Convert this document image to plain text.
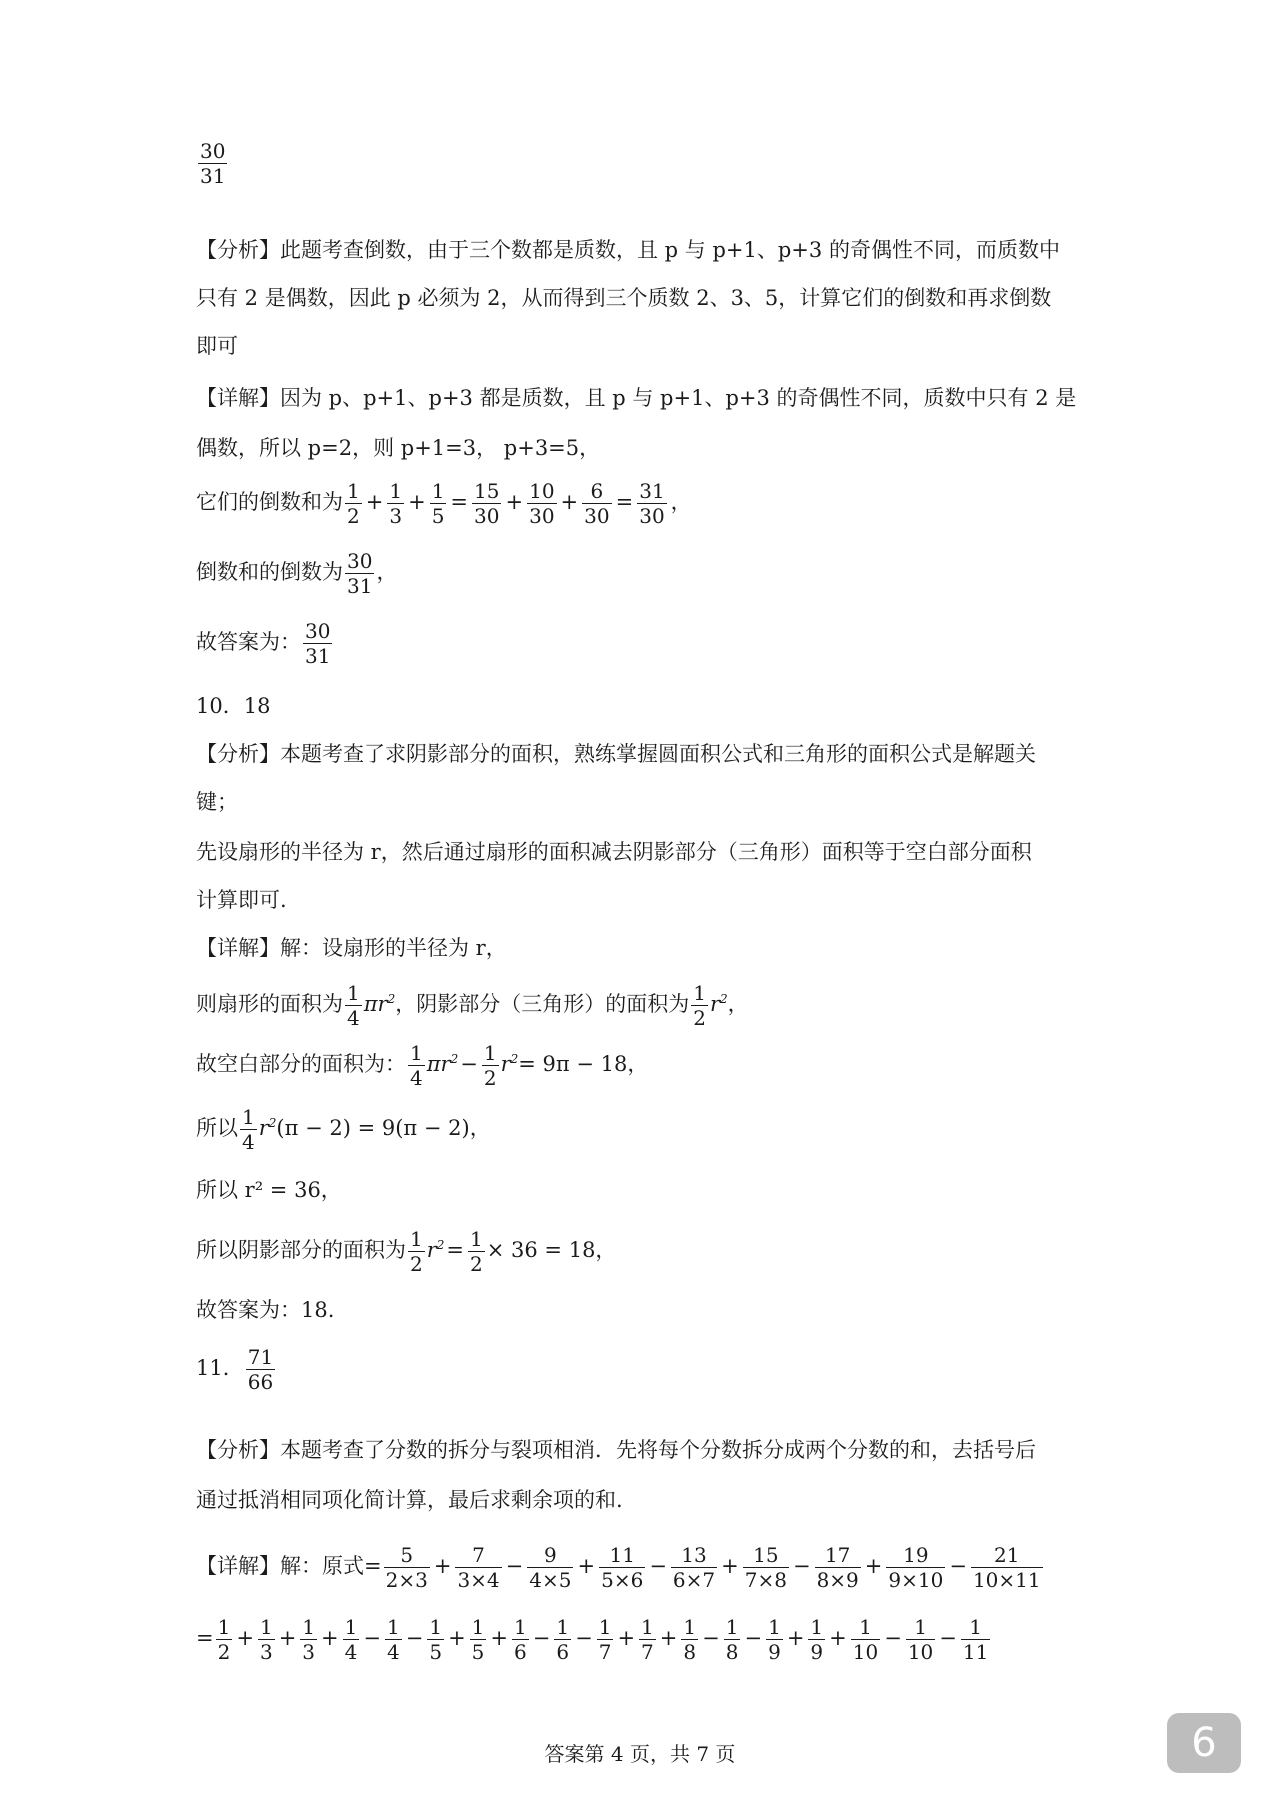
$\frac{30}{31}$
【分析】此题考查倒数，由于三个数都是质数，且 p 与 p+1、p+3 的奇偶性不同，而质数中
只有 2 是偶数，因此 p 必须为 2，从而得到三个质数 2、3、5，计算它们的倒数和再求倒数
即可
【详解】因为 p、p+1、p+3 都是质数，且 p 与 p+1、p+3 的奇偶性不同，质数中只有 2 是
偶数，所以 p=2，则 p+1=3， p+3=5，
它们的倒数和为 $\frac{1}{2} + \frac{1}{3} + \frac{1}{5} = \frac{15}{30} + \frac{10}{30} + \frac{6}{30} = \frac{31}{30}$ ，
倒数和的倒数为 $\frac{30}{31}$ ，
故答案为： $\frac{30}{31}$
10．18
【分析】本题考查了求阴影部分的面积，熟练掌握圆面积公式和三角形的面积公式是解题关
键；
先设扇形的半径为 r，然后通过扇形的面积减去阴影部分（三角形）面积等于空白部分面积
计算即可.
【详解】解：设扇形的半径为 r，
则扇形的面积为 $\frac{1}{4} \pi r^2$，阴影部分（三角形）的面积为 $\frac{1}{2} r^2$，
故空白部分的面积为： $\frac{1}{4} \pi r^2- \frac{1}{2} r^2= 9\pi - 18$，
所以 $\frac{1}{4} r^2(\pi - 2) = 9(\pi - 2)$，
所以 r² = 36，
所以阴影部分的面积为 $\frac{1}{2} r^2= \frac{1}{2} \times 36 = 18$，
故答案为：18.
11． $\frac{71}{66}$
【分析】本题考查了分数的拆分与裂项相消．先将每个分数拆分成两个分数的和，去括号后
通过抵消相同项化简计算，最后求剩余项的和.
【详解】解：原式= $\frac{5}{2\times 3} + \frac{7}{3\times 4} - \frac{9}{4\times 5} + \frac{11}{5\times 6} - \frac{13}{6\times 7} + \frac{15}{7\times 8} - \frac{17}{8\times 9} + \frac{19}{9\times 10} - \frac{21}{10\times 11}$
= $\frac{1}{2} + \frac{1}{3} + \frac{1}{3} + \frac{1}{4} - \frac{1}{4} - \frac{1}{5} + \frac{1}{5} + \frac{1}{6} - \frac{1}{6} - \frac{1}{7} + \frac{1}{7} + \frac{1}{8} - \frac{1}{8} - \frac{1}{9} + \frac{1}{9} + \frac{1}{10} - \frac{1}{10} - \frac{1}{11}$
答案第 4 页，共 7 页	6
